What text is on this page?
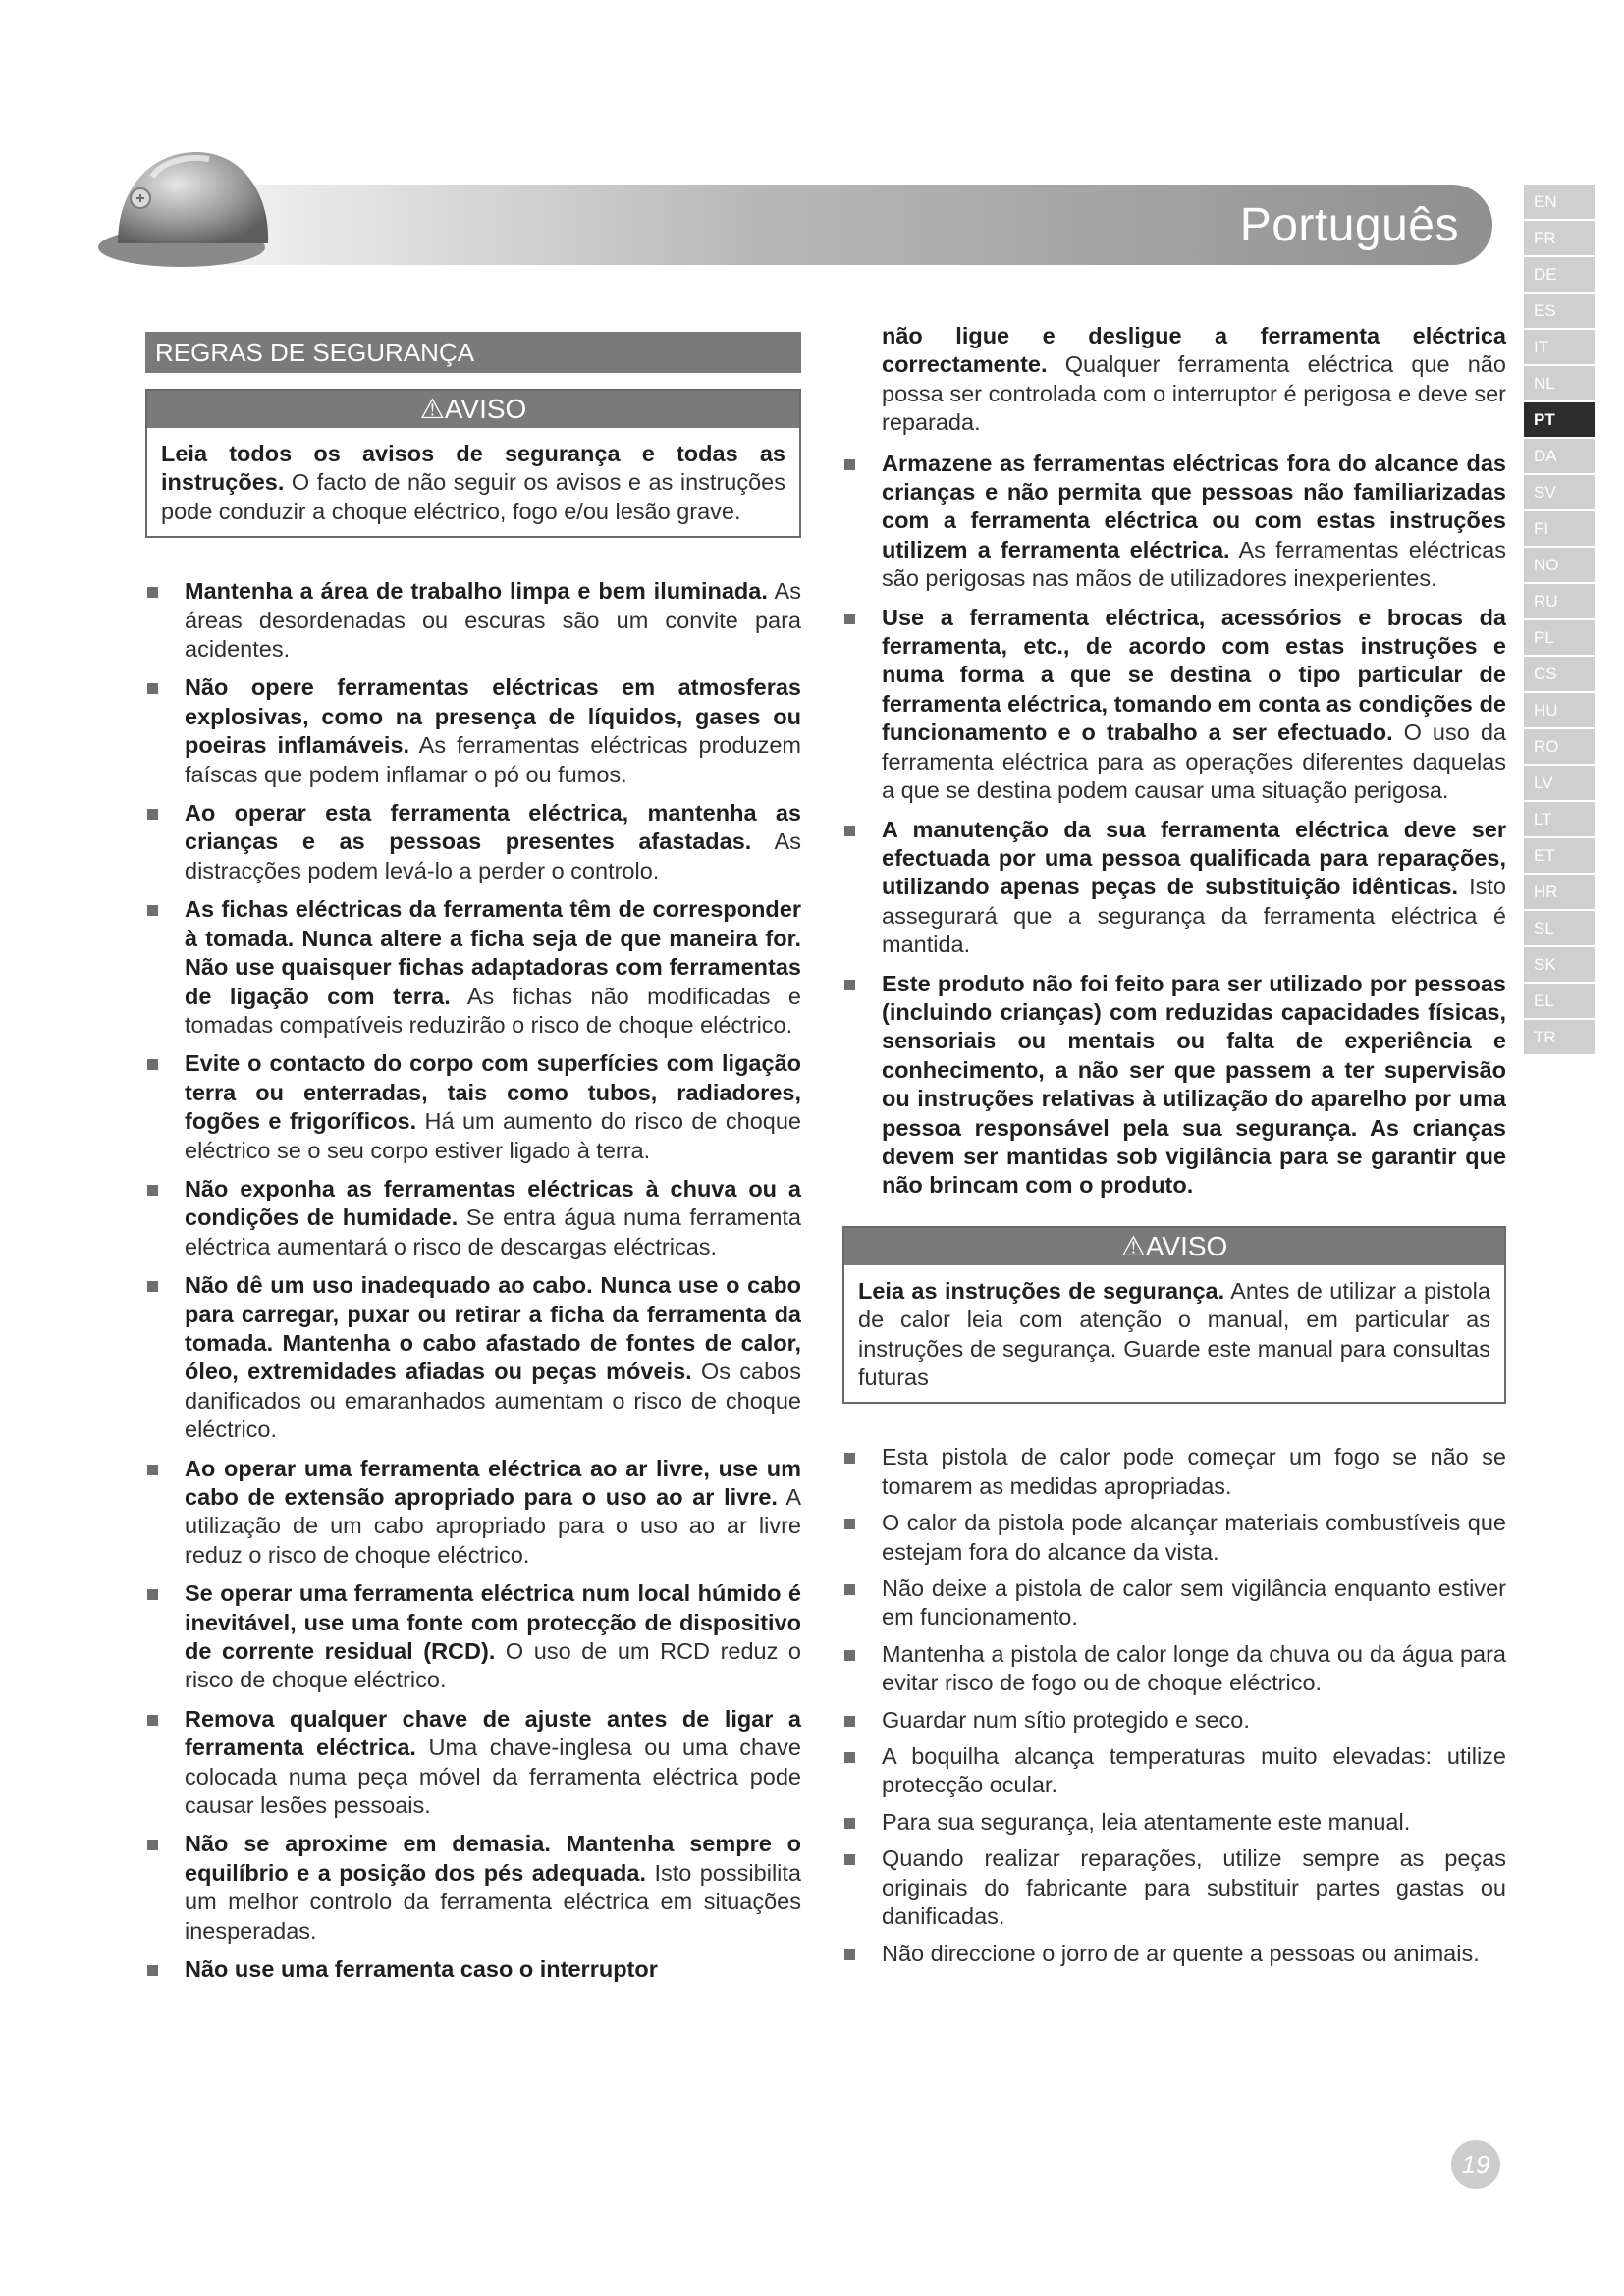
Português	EN
FR
DE
ES
IT
NL
PT
DA
SV
FI
NO
RU
PL
CS
HU
RO
LV
LT
ET
HR
SL
SK
EL
TR
REGRAS DE SEGURANÇA
⚠AVISO
Leia todos os avisos de segurança e todas as instruções. O facto de não seguir os avisos e as instruções pode conduzir a choque eléctrico, fogo e/ou lesão grave.
Mantenha a área de trabalho limpa e bem iluminada. As áreas desordenadas ou escuras são um convite para acidentes.
Não opere ferramentas eléctricas em atmosferas explosivas, como na presença de líquidos, gases ou poeiras inflamáveis. As ferramentas eléctricas produzem faíscas que podem inflamar o pó ou fumos.
Ao operar esta ferramenta eléctrica, mantenha as crianças e as pessoas presentes afastadas. As distracções podem levá-lo a perder o controlo.
As fichas eléctricas da ferramenta têm de corresponder à tomada. Nunca altere a ficha seja de que maneira for. Não use quaisquer fichas adaptadoras com ferramentas de ligação com terra. As fichas não modificadas e tomadas compatíveis reduzirão o risco de choque eléctrico.
Evite o contacto do corpo com superfícies com ligação terra ou enterradas, tais como tubos, radiadores, fogões e frigoríficos. Há um aumento do risco de choque eléctrico se o seu corpo estiver ligado à terra.
Não exponha as ferramentas eléctricas à chuva ou a condições de humidade. Se entra água numa ferramenta eléctrica aumentará o risco de descargas eléctricas.
Não dê um uso inadequado ao cabo. Nunca use o cabo para carregar, puxar ou retirar a ficha da ferramenta da tomada. Mantenha o cabo afastado de fontes de calor, óleo, extremidades afiadas ou peças móveis. Os cabos danificados ou emaranhados aumentam o risco de choque eléctrico.
Ao operar uma ferramenta eléctrica ao ar livre, use um cabo de extensão apropriado para o uso ao ar livre. A utilização de um cabo apropriado para o uso ao ar livre reduz o risco de choque eléctrico.
Se operar uma ferramenta eléctrica num local húmido é inevitável, use uma fonte com protecção de dispositivo de corrente residual (RCD). O uso de um RCD reduz o risco de choque eléctrico.
Remova qualquer chave de ajuste antes de ligar a ferramenta eléctrica. Uma chave-inglesa ou uma chave colocada numa peça móvel da ferramenta eléctrica pode causar lesões pessoais.
Não se aproxime em demasia. Mantenha sempre o equilíbrio e a posição dos pés adequada. Isto possibilita um melhor controlo da ferramenta eléctrica em situações inesperadas.
Não use uma ferramenta caso o interruptor
não ligue e desligue a ferramenta eléctrica correctamente. Qualquer ferramenta eléctrica que não possa ser controlada com o interruptor é perigosa e deve ser reparada.
Armazene as ferramentas eléctricas fora do alcance das crianças e não permita que pessoas não familiarizadas com a ferramenta eléctrica ou com estas instruções utilizem a ferramenta eléctrica. As ferramentas eléctricas são perigosas nas mãos de utilizadores inexperientes.
Use a ferramenta eléctrica, acessórios e brocas da ferramenta, etc., de acordo com estas instruções e numa forma a que se destina o tipo particular de ferramenta eléctrica, tomando em conta as condições de funcionamento e o trabalho a ser efectuado. O uso da ferramenta eléctrica para as operações diferentes daquelas a que se destina podem causar uma situação perigosa.
A manutenção da sua ferramenta eléctrica deve ser efectuada por uma pessoa qualificada para reparações, utilizando apenas peças de substituição idênticas. Isto assegurará que a segurança da ferramenta eléctrica é mantida.
Este produto não foi feito para ser utilizado por pessoas (incluindo crianças) com reduzidas capacidades físicas, sensoriais ou mentais ou falta de experiência e conhecimento, a não ser que passem a ter supervisão ou instruções relativas à utilização do aparelho por uma pessoa responsável pela sua segurança. As crianças devem ser mantidas sob vigilância para se garantir que não brincam com o produto.
⚠AVISO
Leia as instruções de segurança. Antes de utilizar a pistola de calor leia com atenção o manual, em particular as instruções de segurança. Guarde este manual para consultas futuras
Esta pistola de calor pode começar um fogo se não se tomarem as medidas apropriadas.
O calor da pistola pode alcançar materiais combustíveis que estejam fora do alcance da vista.
Não deixe a pistola de calor sem vigilância enquanto estiver em funcionamento.
Mantenha a pistola de calor longe da chuva ou da água para evitar risco de fogo ou de choque eléctrico.
Guardar num sítio protegido e seco.
A boquilha alcança temperaturas muito elevadas: utilize protecção ocular.
Para sua segurança, leia atentamente este manual.
Quando realizar reparações, utilize sempre as peças originais do fabricante para substituir partes gastas ou danificadas.
Não direccione o jorro de ar quente a pessoas ou animais.
19
